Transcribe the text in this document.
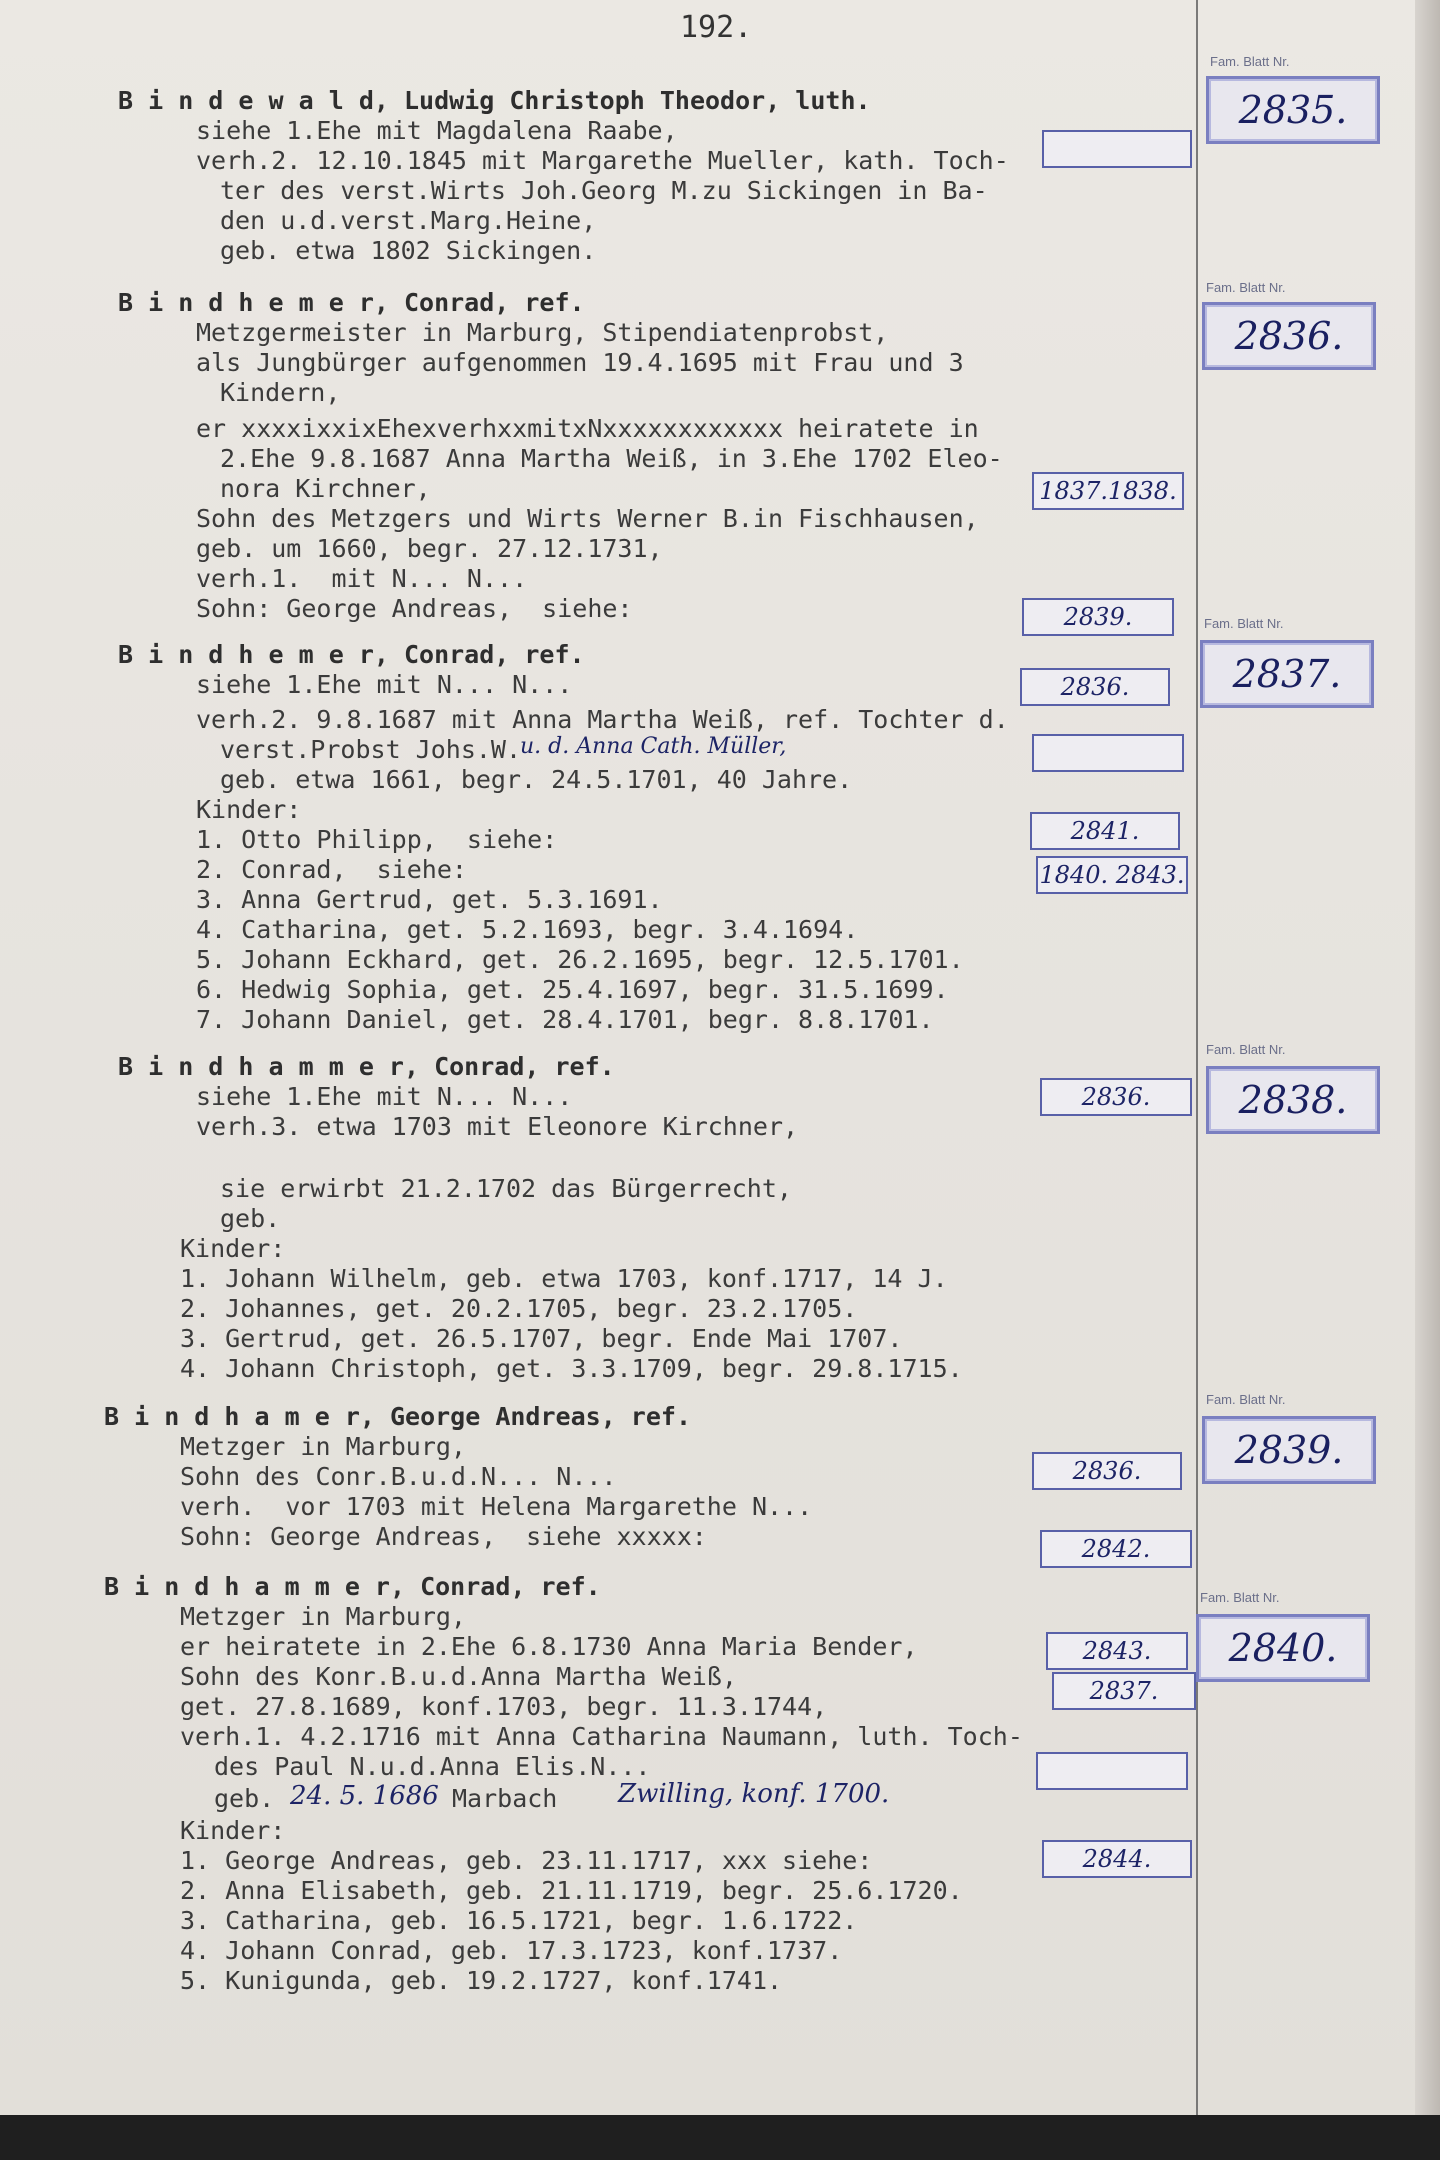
192.
B i n d e w a l d, Ludwig Christoph Theodor, luth.
siehe 1.Ehe mit Magdalena Raabe,
verh.2. 12.10.1845 mit Margarethe Mueller, kath. Toch-
ter des verst.Wirts Joh.Georg M.zu Sickingen in Ba-
den u.d.verst.Marg.Heine,
geb. etwa 1802 Sickingen.
B i n d h e m e r, Conrad, ref.
Metzgermeister in Marburg, Stipendiatenprobst,
als Jungbürger aufgenommen 19.4.1695 mit Frau und 3
Kindern,
er xxxxixxixEhexverhxxmitxNxxxxxxxxxxxx heiratete in
2.Ehe 9.8.1687 Anna Martha Weiß, in 3.Ehe 1702 Eleo-
nora Kirchner,
Sohn des Metzgers und Wirts Werner B.in Fischhausen,
geb. um 1660, begr. 27.12.1731,
verh.1.  mit N... N...
Sohn: George Andreas,  siehe:
B i n d h e m e r, Conrad, ref.
siehe 1.Ehe mit N... N...
verh.2. 9.8.1687 mit Anna Martha Weiß, ref. Tochter d.
verst.Probst Johs.W.
u. d. Anna Cath. Müller,
geb. etwa 1661, begr. 24.5.1701, 40 Jahre.
Kinder:
1. Otto Philipp,  siehe:
2. Conrad,  siehe:
3. Anna Gertrud, get. 5.3.1691.
4. Catharina, get. 5.2.1693, begr. 3.4.1694.
5. Johann Eckhard, get. 26.2.1695, begr. 12.5.1701.
6. Hedwig Sophia, get. 25.4.1697, begr. 31.5.1699.
7. Johann Daniel, get. 28.4.1701, begr. 8.8.1701.
B i n d h a m m e r, Conrad, ref.
siehe 1.Ehe mit N... N...
verh.3. etwa 1703 mit Eleonore Kirchner,
sie erwirbt 21.2.1702 das Bürgerrecht,
geb.
Kinder:
1. Johann Wilhelm, geb. etwa 1703, konf.1717, 14 J.
2. Johannes, get. 20.2.1705, begr. 23.2.1705.
3. Gertrud, get. 26.5.1707, begr. Ende Mai 1707.
4. Johann Christoph, get. 3.3.1709, begr. 29.8.1715.
B i n d h a m e r, George Andreas, ref.
Metzger in Marburg,
Sohn des Conr.B.u.d.N... N...
verh.  vor 1703 mit Helena Margarethe N...
Sohn: George Andreas,  siehe xxxxx:
B i n d h a m m e r, Conrad, ref.
Metzger in Marburg,
er heiratete in 2.Ehe 6.8.1730 Anna Maria Bender,
Sohn des Konr.B.u.d.Anna Martha Weiß,
get. 27.8.1689, konf.1703, begr. 11.3.1744,
verh.1. 4.2.1716 mit Anna Catharina Naumann, luth. Toch-
des Paul N.u.d.Anna Elis.N...
geb. 24. 5. 1686 Marbach Zwilling, konf. 1700.
Kinder:
1. George Andreas, geb. 23.11.1717, xxx siehe:
2. Anna Elisabeth, geb. 21.11.1719, begr. 25.6.1720.
3. Catharina, geb. 16.5.1721, begr. 1.6.1722.
4. Johann Conrad, geb. 17.3.1723, konf.1737.
5. Kunigunda, geb. 19.2.1727, konf.1741.
1837.1838.
2839.
2836.
2841.
1840. 2843.
2836.
2836.
2842.
2843.
2837.
2844.
Fam. Blatt Nr.
2835.
Fam. Blatt Nr.
2836.
Fam. Blatt Nr.
2837.
Fam. Blatt Nr.
2838.
Fam. Blatt Nr.
2839.
Fam. Blatt Nr.
2840.
